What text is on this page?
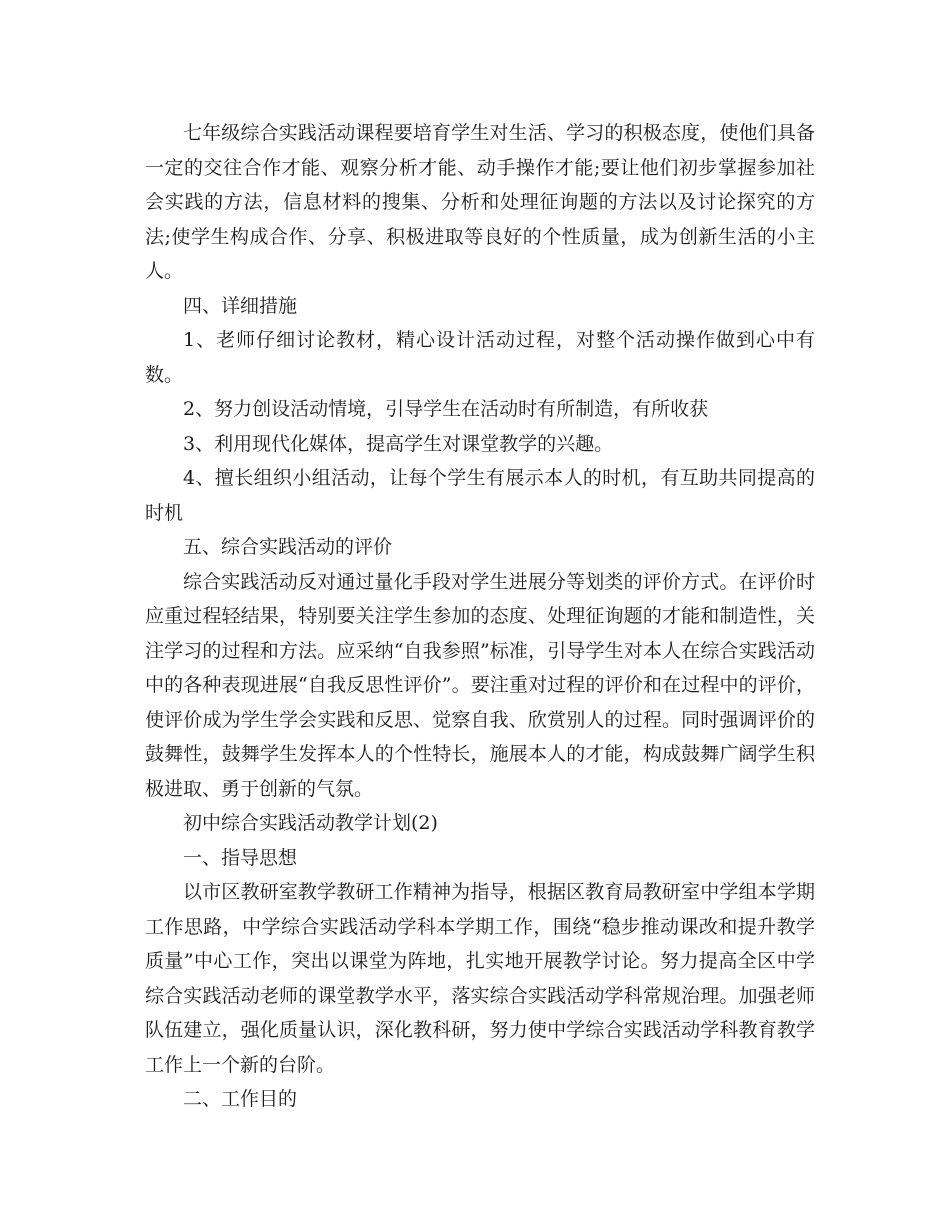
七年级综合实践活动课程要培育学生对生活、学习的积极态度，使他们具备一定的交往合作才能、观察分析才能、动手操作才能;要让他们初步掌握参加社会实践的方法，信息材料的搜集、分析和处理征询题的方法以及讨论探究的方法;使学生构成合作、分享、积极进取等良好的个性质量，成为创新生活的小主人。

四、详细措施

1、老师仔细讨论教材，精心设计活动过程，对整个活动操作做到心中有数。

2、努力创设活动情境，引导学生在活动时有所制造，有所收获

3、利用现代化媒体，提高学生对课堂教学的兴趣。

4、擅长组织小组活动，让每个学生有展示本人的时机，有互助共同提高的时机

五、综合实践活动的评价

综合实践活动反对通过量化手段对学生进展分等划类的评价方式。在评价时应重过程轻结果，特别要关注学生参加的态度、处理征询题的才能和制造性，关注学习的过程和方法。应采纳“自我参照”标准，引导学生对本人在综合实践活动中的各种表现进展“自我反思性评价”。要注重对过程的评价和在过程中的评价，使评价成为学生学会实践和反思、觉察自我、欣赏别人的过程。同时强调评价的鼓舞性，鼓舞学生发挥本人的个性特长，施展本人的才能，构成鼓舞广阔学生积极进取、勇于创新的气氛。

初中综合实践活动教学计划(2)

一、指导思想

以市区教研室教学教研工作精神为指导，根据区教育局教研室中学组本学期工作思路，中学综合实践活动学科本学期工作，围绕“稳步推动课改和提升教学质量”中心工作，突出以课堂为阵地，扎实地开展教学讨论。努力提高全区中学综合实践活动老师的课堂教学水平，落实综合实践活动学科常规治理。加强老师队伍建立，强化质量认识，深化教科研，努力使中学综合实践活动学科教育教学工作上一个新的台阶。

二、工作目的
